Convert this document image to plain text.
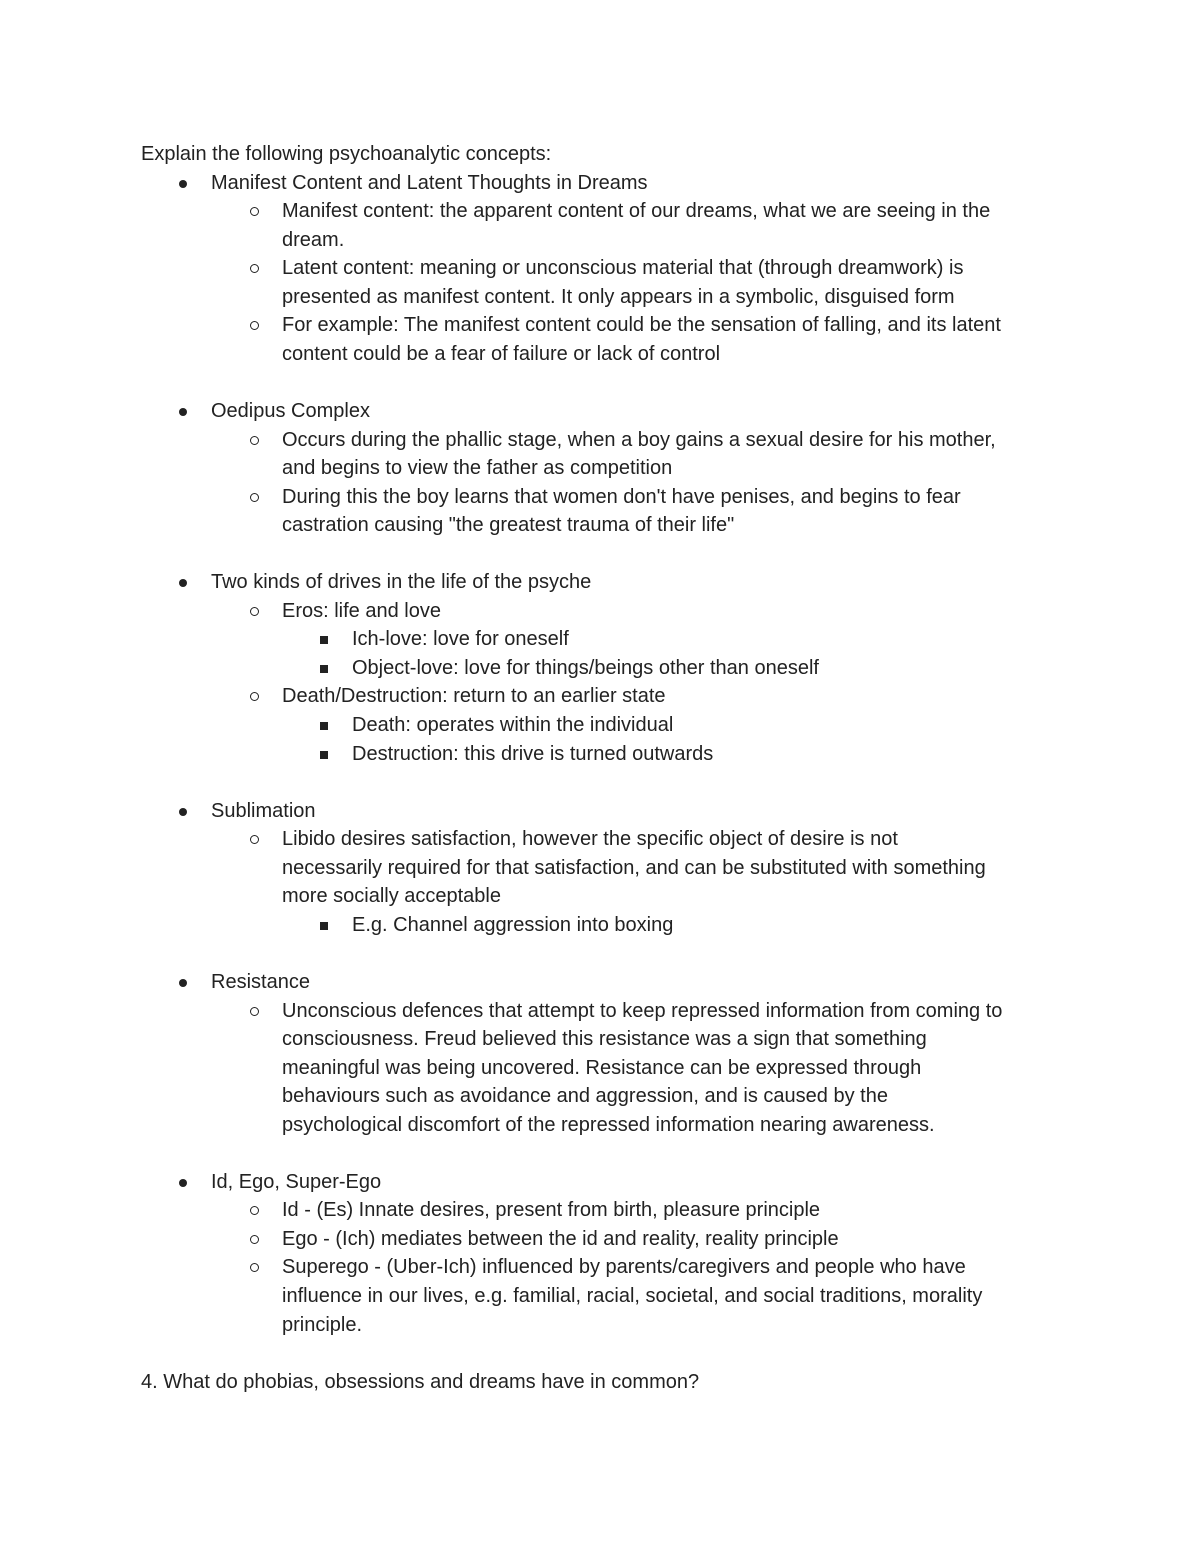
Explain the following psychoanalytic concepts:
Manifest Content and Latent Thoughts in Dreams
Manifest content: the apparent content of our dreams, what we are seeing in the
dream.
Latent content: meaning or unconscious material that (through dreamwork) is
presented as manifest content. It only appears in a symbolic, disguised form
For example: The manifest content could be the sensation of falling, and its latent
content could be a fear of failure or lack of control
Oedipus Complex
Occurs during the phallic stage, when a boy gains a sexual desire for his mother,
and begins to view the father as competition
During this the boy learns that women don't have penises, and begins to fear
castration causing "the greatest trauma of their life"
Two kinds of drives in the life of the psyche
Eros: life and love
Ich-love: love for oneself
Object-love: love for things/beings other than oneself
Death/Destruction: return to an earlier state
Death: operates within the individual
Destruction: this drive is turned outwards
Sublimation
Libido desires satisfaction, however the specific object of desire is not
necessarily required for that satisfaction, and can be substituted with something
more socially acceptable
E.g. Channel aggression into boxing
Resistance
Unconscious defences that attempt to keep repressed information from coming to
consciousness. Freud believed this resistance was a sign that something
meaningful was being uncovered. Resistance can be expressed through
behaviours such as avoidance and aggression, and is caused by the
psychological discomfort of the repressed information nearing awareness.
Id, Ego, Super-Ego
Id - (Es) Innate desires, present from birth, pleasure principle
Ego - (Ich) mediates between the id and reality, reality principle
Superego - (Uber-Ich) influenced by parents/caregivers and people who have
influence in our lives, e.g. familial, racial, societal, and social traditions, morality
principle.
4. What do phobias, obsessions and dreams have in common?
